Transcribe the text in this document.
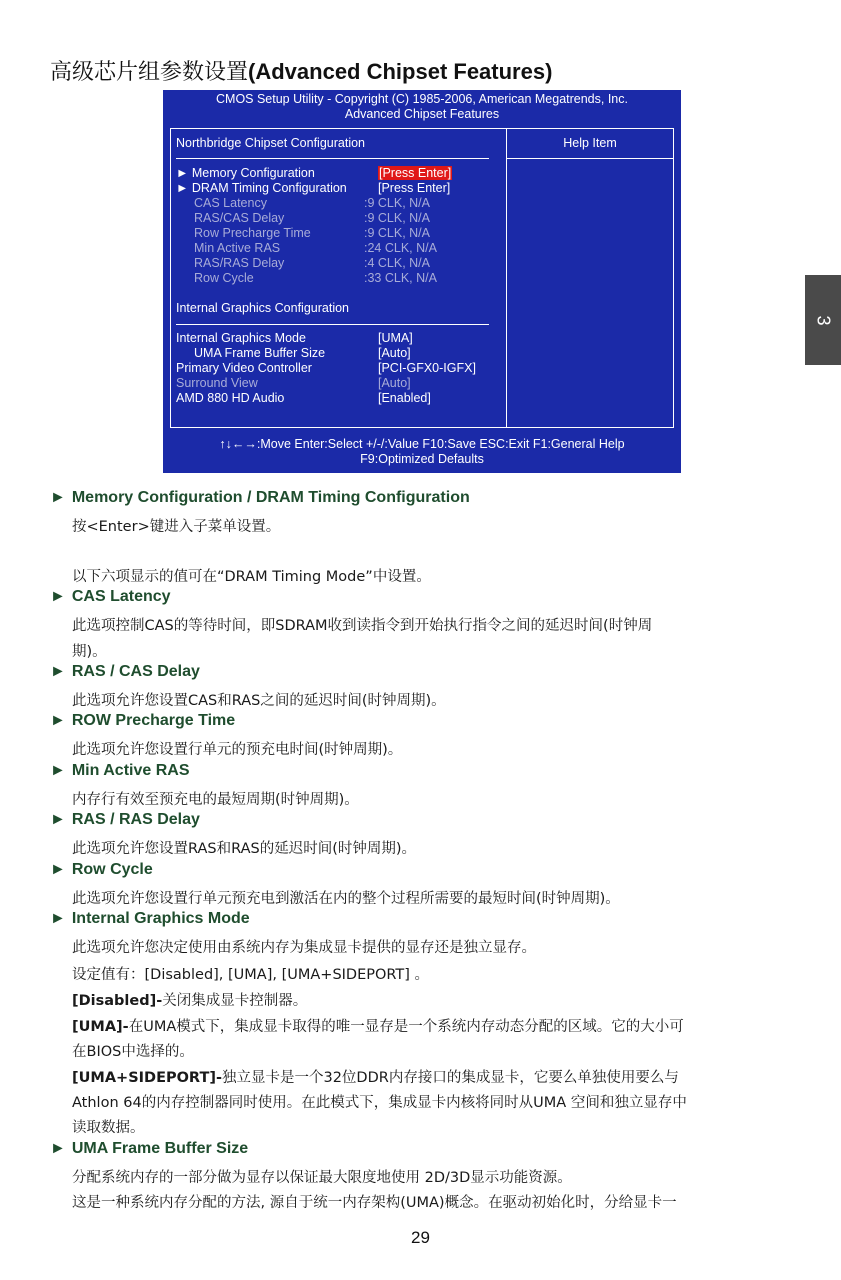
高级芯片组参数设置(Advanced Chipset Features)
3
CMOS Setup Utility - Copyright (C) 1985-2006, American Megatrends, Inc.
Advanced Chipset Features
Help Item
Northbridge Chipset Configuration
► Memory Configuration	[Press Enter]
► DRAM Timing Configuration [Press Enter]
CAS Latency	:9 CLK, N/A
RAS/CAS Delay	:9 CLK, N/A
Row Precharge Time	:9 CLK, N/A
Min Active RAS	:24 CLK, N/A
RAS/RAS Delay	:4 CLK, N/A
Row Cycle	:33 CLK, N/A
Internal Graphics Configuration
Internal Graphics Mode	[UMA]
UMA Frame Buffer Size	[Auto]
Primary Video Controller	[PCI-GFX0-IGFX]
Surround View	[Auto]
AMD 880 HD Audio	[Enabled]
↑↓←→:Move Enter:Select +/-/:Value F10:Save ESC:Exit F1:General Help
F9:Optimized Defaults
► Memory Configuration / DRAM Timing Configuration
按<Enter>键进入子菜单设置。
以下六项显示的值可在“DRAM Timing Mode”中设置。
► CAS Latency
此选项控制CAS的等待时间，即SDRAM收到读指令到开始执行指令之间的延迟时间(时钟周
期)。
► RAS / CAS Delay
此选项允许您设置CAS和RAS之间的延迟时间(时钟周期)。
► ROW Precharge Time
此选项允许您设置行单元的预充电时间(时钟周期)。
► Min Active RAS
内存行有效至预充电的最短周期(时钟周期)。
► RAS / RAS Delay
此选项允许您设置RAS和RAS的延迟时间(时钟周期)。
► Row Cycle
此选项允许您设置行单元预充电到激活在内的整个过程所需要的最短时间(时钟周期)。
► Internal Graphics Mode
此选项允许您决定使用由系统内存为集成显卡提供的显存还是独立显存。
设定值有：[Disabled], [UMA], [UMA+SIDEPORT] 。
[Disabled]-关闭集成显卡控制器。
[UMA]-在UMA模式下，集成显卡取得的唯一显存是一个系统内存动态分配的区域。它的大小可
在BIOS中选择的。
[UMA+SIDEPORT]-独立显卡是一个32位DDR内存接口的集成显卡，它要么单独使用要么与
Athlon 64的内存控制器同时使用。在此模式下，集成显卡内核将同时从UMA 空间和独立显存中
读取数据。
► UMA Frame Buffer Size
分配系统内存的一部分做为显存以保证最大限度地使用 2D/3D显示功能资源。
这是一种系统内存分配的方法, 源自于统一内存架构(UMA)概念。在驱动初始化时，分给显卡一
29
